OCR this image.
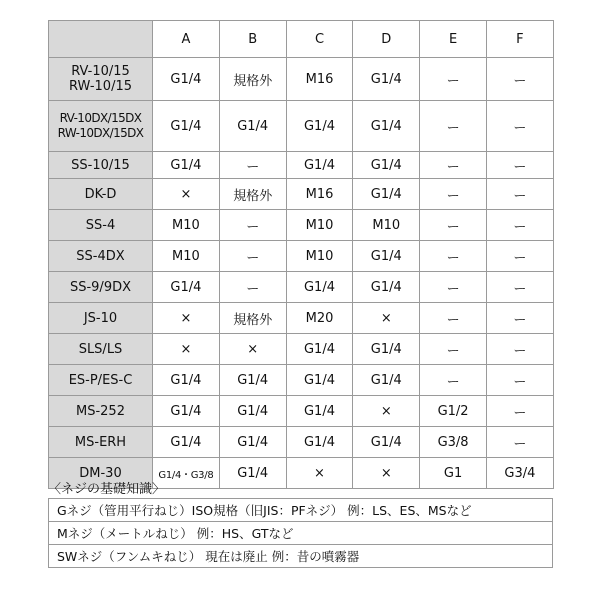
	A	B	C	D	E	F

RV-10/15
RW-10/15	G1/4	規格外	M16	G1/4	ー	ー

RV-10DX/15DX
RW-10DX/15DX	G1/4	G1/4	G1/4	G1/4	ー	ー

SS-10/15	G1/4	ー	G1/4	G1/4	ー	ー

DK-D	×	規格外	M16	G1/4	ー	ー

SS-4	M10	ー	M10	M10	ー	ー

SS-4DX	M10	ー	M10	G1/4	ー	ー

SS-9/9DX	G1/4	ー	G1/4	G1/4	ー	ー

JS-10	×	規格外	M20	×	ー	ー

SLS/LS	×	×	G1/4	G1/4	ー	ー

ES-P/ES-C	G1/4	G1/4	G1/4	G1/4	ー	ー

MS-252	G1/4	G1/4	G1/4	×	G1/2	ー

MS-ERH	G1/4	G1/4	G1/4	G1/4	G3/8	ー

DM-30	G1/4・G3/8	G1/4	×	×	G1	G3/4
〈ネジの基礎知識〉
Gネジ（管用平行ねじ）ISO規格（旧JIS：PFネジ） 例：LS、ES、MSなど
Mネジ（メートルねじ） 例：HS、GTなど
SWネジ（フンムキねじ） 現在は廃止 例：昔の噴霧器
